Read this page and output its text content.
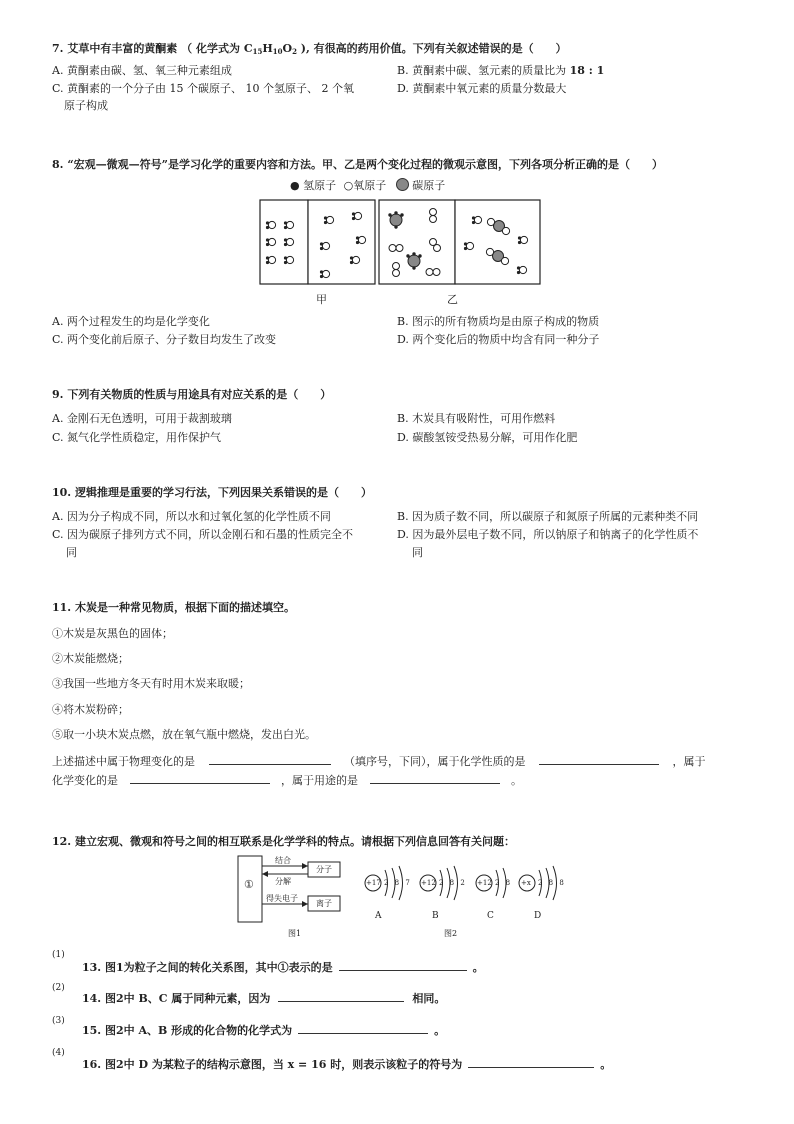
7. 艾草中有丰富的黄酮素 （ 化学式为 $C_{15}H_{10}O_2$ ), 有很高的药用价值。下列有关叙述错误的是（　　）
A. 黄酮素由碳、氢、氧三种元素组成	B. 黄酮素中碳、氢元素的质量比为 18 : 1
C. 黄酮素的一个分子由 15 个碳原子、 10 个氢原子、 2 个氧
原子构成
D. 黄酮素中氧元素的质量分数最大
8. “宏观—微观—符号”是学习化学的重要内容和方法。甲、乙是两个变化过程的微观示意图，下列各项分析正确的是（　　）
● 氢原子 ○氧原子 碳原子
甲	乙
A. 两个过程发生的均是化学变化	B. 图示的所有物质均是由原子构成的物质
C. 两个变化前后原子、分子数目均发生了改变	D. 两个变化后的物质中均含有同一种分子
9. 下列有关物质的性质与用途具有对应关系的是（　　）
A. 金刚石无色透明，可用于裁割玻璃	B. 木炭具有吸附性，可用作燃料
C. 氮气化学性质稳定，用作保护气	D. 碳酸氢铵受热易分解，可用作化肥
10. 逻辑推理是重要的学习行法，下列因果关系错误的是（　　）
A. 因为分子构成不同，所以水和过氧化氢的化学性质不同	B. 因为质子数不同，所以碳原子和氮原子所属的元素种类不同
C. 因为碳原子排列方式不同，所以金刚石和石墨的性质完全不
同
D. 因为最外层电子数不同，所以钠原子和钠离子的化学性质不
同
11. 木炭是一种常见物质，根据下面的描述填空。
①木炭是灰黑色的固体；
②木炭能燃烧；
③我国一些地方冬天有时用木炭来取暖；
④将木炭粉碎；
⑤取一小块木炭点燃，放在氧气瓶中燃烧，发出白光。
上述描述中属于物理变化的是	（填序号，下同），属于化学性质的是	，属于
化学变化的是	，属于用途的是	。
12. 建立宏观、微观和符号之间的相互联系是化学学科的特点。请根据下列信息回答有关问题：
①
结合
分解
得失电子
分子
离子
图1
+17 2 8 7
A
+12 2 8 2
B
+12 2 8
C
+x 2 8 8
D
图2
(1)
13. 图1为粒子之间的转化关系图，其中①表示的是	。
(2)
14. 图2中 B、C 属于同种元素，因为	相同。
(3)
15. 图2中 A、B 形成的化合物的化学式为	。
(4)
16. 图2中 D 为某粒子的结构示意图，当 x = 16 时，则表示该粒子的符号为	。
